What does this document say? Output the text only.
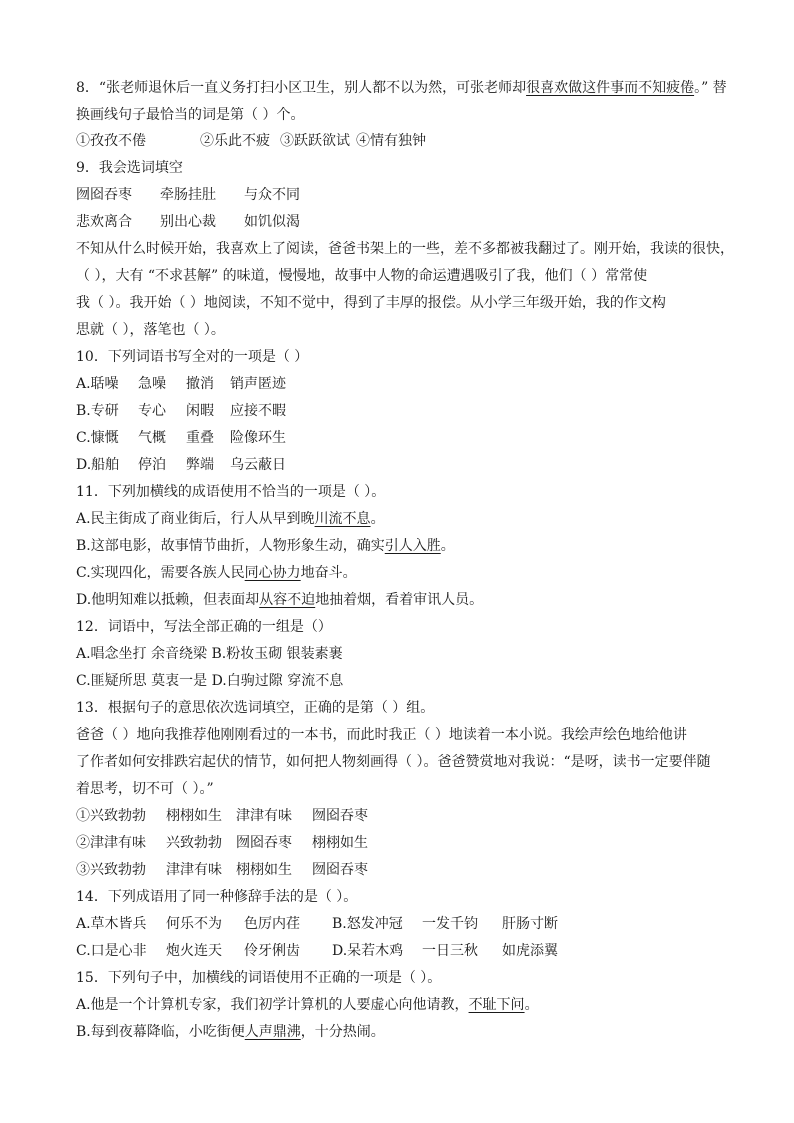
8．“张老师退休后一直义务打扫小区卫生，别人都不以为然，可张老师却很喜欢做这件事而不知疲倦。” 替
换画线句子最恰当的词是第（ ）个。
①孜孜不倦	②乐此不疲 ③跃跃欲试 ④情有独钟
9．我会选词填空
囫囵吞枣 牵肠挂肚 与众不同
悲欢离合 别出心裁 如饥似渴
不知从什么时候开始，我喜欢上了阅读，爸爸书架上的一些，差不多都被我翻过了。刚开始，我读的很快，
（ ），大有 “不求甚解” 的味道，慢慢地，故事中人物的命运遭遇吸引了我，他们（ ）常常使
我（ ）。我开始（ ）地阅读，不知不觉中，得到了丰厚的报偿。从小学三年级开始，我的作文构
思就（ ），落笔也（ ）。
10．下列词语书写全对的一项是（ ）
A.聒噪 急噪 撤消 销声匿迹
B.专研 专心 闲暇 应接不暇
C.慷慨 气概 重叠 险像环生
D.船舶 停泊 弊端 乌云蔽日
11．下列加横线的成语使用不恰当的一项是（ ）。
A.民主街成了商业街后，行人从早到晚川流不息。
B.这部电影，故事情节曲折，人物形象生动，确实引人入胜。
C.实现四化，需要各族人民同心协力地奋斗。
D.他明知难以抵赖，但表面却从容不迫地抽着烟，看着审讯人员。
12．词语中，写法全部正确的一组是（）
A.唱念坐打 余音绕梁 B.粉妆玉砌 银装素裹
C.匪疑所思 莫衷一是 D.白驹过隙 穿流不息
13．根据句子的意思依次选词填空，正确的是第（ ）组。
爸爸（ ）地向我推荐他刚刚看过的一本书，而此时我正（ ）地读着一本小说。我绘声绘色地给他讲
了作者如何安排跌宕起伏的情节，如何把人物刻画得（ ）。爸爸赞赏地对我说：“是呀，读书一定要伴随
着思考，切不可（ ）。”
①兴致勃勃 栩栩如生 津津有味 囫囵吞枣
②津津有味 兴致勃勃 囫囵吞枣 栩栩如生
③兴致勃勃 津津有味 栩栩如生 囫囵吞枣
14．下列成语用了同一种修辞手法的是（ ）。
A.草木皆兵 何乐不为 色厉内荏 B.怒发冲冠 一发千钧 肝肠寸断
C.口是心非 炮火连天 伶牙俐齿 D.呆若木鸡 一日三秋 如虎添翼
15．下列句子中，加横线的词语使用不正确的一项是（ ）。
A.他是一个计算机专家，我们初学计算机的人要虚心向他请教，不耻下问。
B.每到夜幕降临，小吃街便人声鼎沸，十分热闹。
